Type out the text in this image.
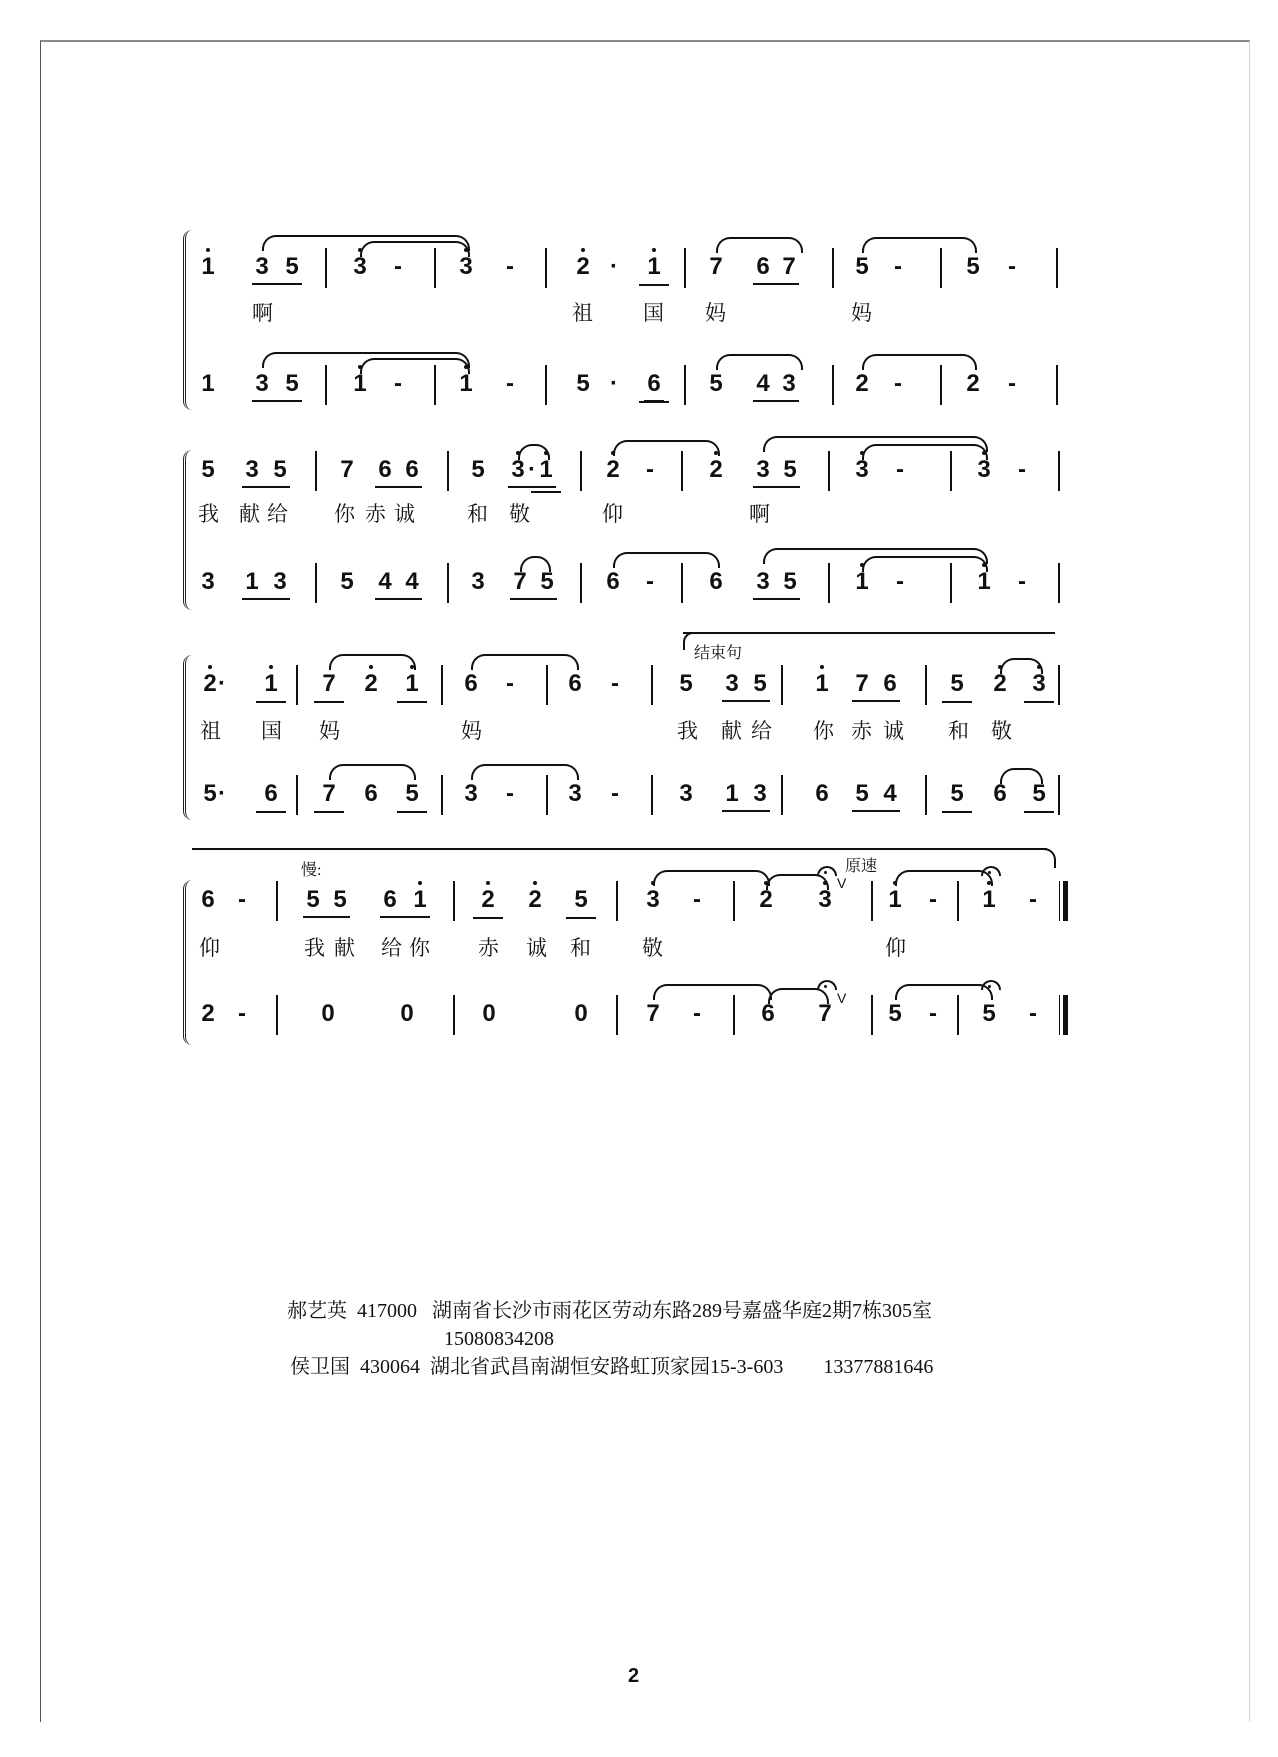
1 3 5 3 - 3 -	2 · 1 7 6 7 5 -	5 -
啊	祖 国 妈	妈
1 3 5 1 - 1 -	5 · 6 5 4 3 2 -	2 -
5 3 5 7 6 6 5 3 · 1 2 - 2 3 5 3 -	3 -
我 献 给 你 赤 诚 和 敬	仰	啊
3 1 3 5 4 4 3 7 5 6 - 6 3 5 1 -	1 -
结束句
2 · 1 7 2 1 6 - 6 -	5 3 5 1 7 6 5 2 3
祖 国 妈	妈	我 献 给 你 赤 诚 和 敬
5 · 6 7 6 5 3 - 3 -	3 1 3 6 5 4 5 6 5
慢:	原速
6 -	5 5 6 1 2 2 5 3 - 2 3 1 - 1 -
V
仰	我 献 给 你 赤 诚 和 敬	仰
2 -	0	0	0	0 7 -	6 7 5 - 5 -
V

郝艺英 417000 湖南省长沙市雨花区劳动东路289号嘉盛华庭2期7栋305室

15080834208

侯卫国 430064 湖北省武昌南湖恒安路虹顶家园15-3-603 13377881646

2
